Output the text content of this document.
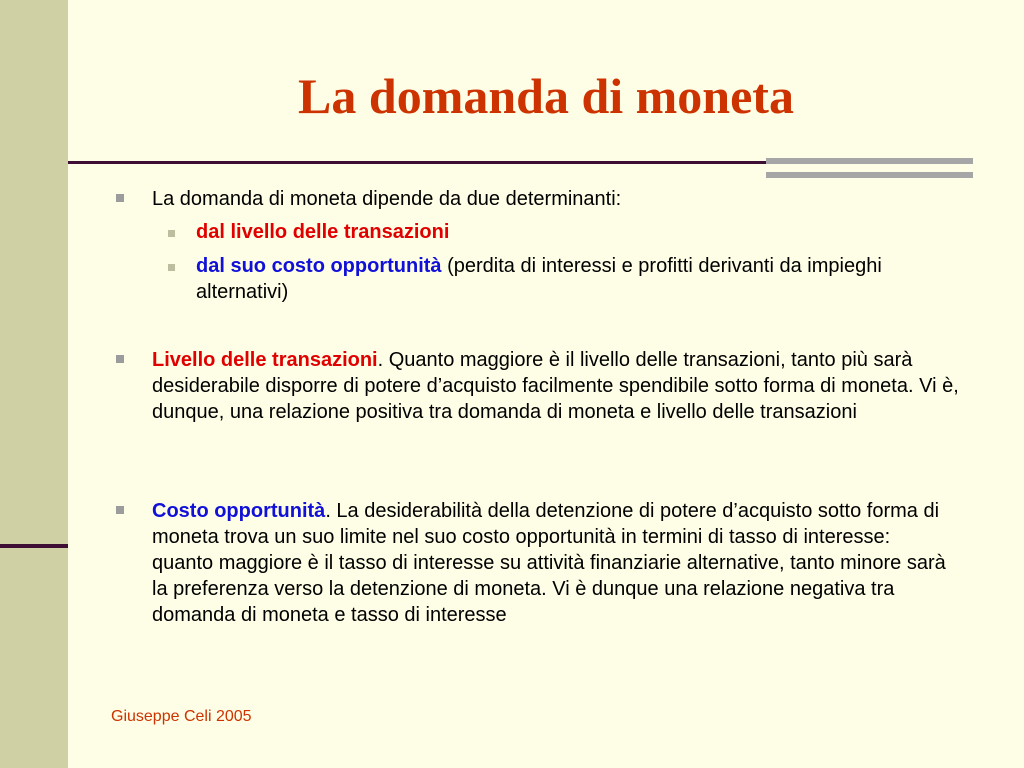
La domanda di moneta
La domanda di moneta dipende da due determinanti:
dal livello delle transazioni
dal suo costo opportunità (perdita di interessi e profitti derivanti da impieghi alternativi)
Livello delle transazioni. Quanto maggiore è il livello delle transazioni, tanto più sarà desiderabile disporre di potere d’acquisto facilmente spendibile sotto forma di moneta. Vi è, dunque, una relazione positiva tra domanda di moneta e livello delle transazioni
Costo opportunità. La desiderabilità della detenzione di potere d’acquisto sotto forma di moneta trova un suo limite nel suo costo opportunità in termini di tasso di interesse: quanto maggiore è il tasso di interesse su attività finanziarie alternative, tanto minore sarà la preferenza verso la detenzione di moneta. Vi è dunque una relazione negativa tra domanda di moneta e tasso di interesse
Giuseppe Celi 2005
